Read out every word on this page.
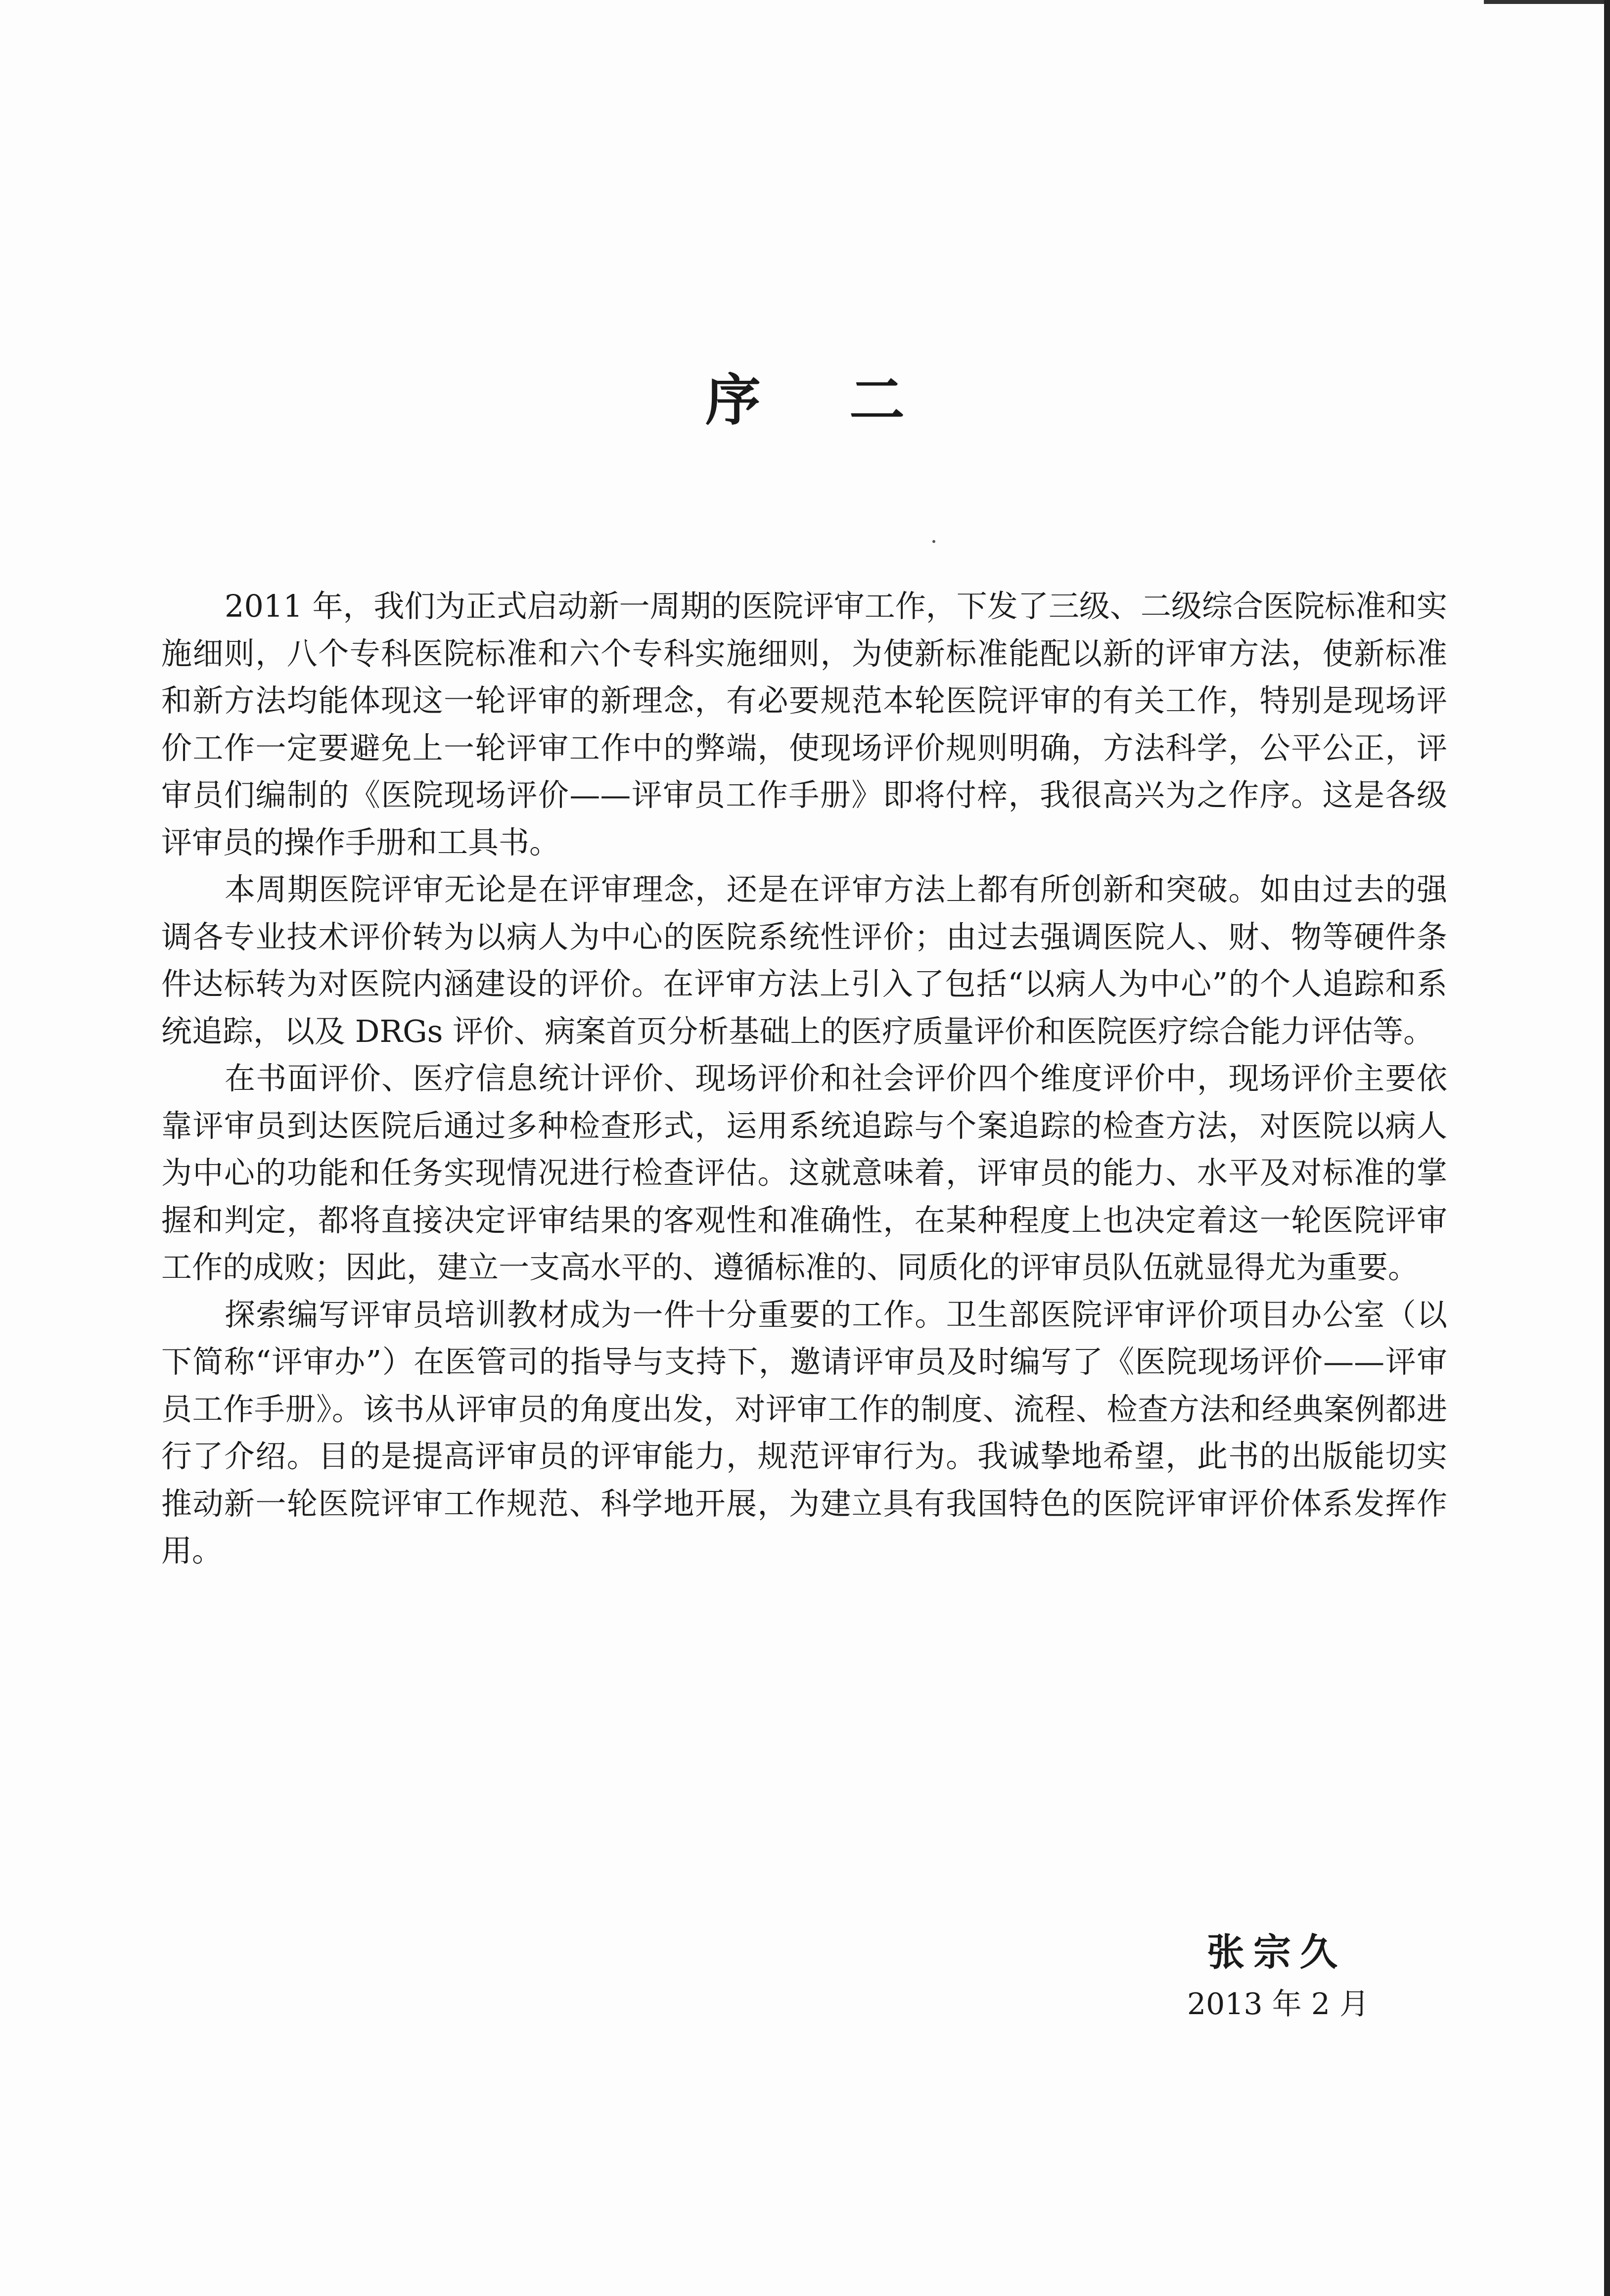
序 二

2011 年，我们为正式启动新一周期的医院评审工作，下发了三级、二级综合医院标准和实施细则，八个专科医院标准和六个专科实施细则，为使新标准能配以新的评审方法，使新标准和新方法均能体现这一轮评审的新理念，有必要规范本轮医院评审的有关工作，特别是现场评价工作一定要避免上一轮评审工作中的弊端，使现场评价规则明确，方法科学，公平公正，评审员们编制的《医院现场评价——评审员工作手册》即将付梓，我很高兴为之作序。这是各级评审员的操作手册和工具书。

本周期医院评审无论是在评审理念，还是在评审方法上都有所创新和突破。如由过去的强调各专业技术评价转为以病人为中心的医院系统性评价；由过去强调医院人、财、物等硬件条件达标转为对医院内涵建设的评价。在评审方法上引入了包括“以病人为中心”的个人追踪和系统追踪，以及 DRGs 评价、病案首页分析基础上的医疗质量评价和医院医疗综合能力评估等。

在书面评价、医疗信息统计评价、现场评价和社会评价四个维度评价中，现场评价主要依靠评审员到达医院后通过多种检查形式，运用系统追踪与个案追踪的检查方法，对医院以病人为中心的功能和任务实现情况进行检查评估。这就意味着，评审员的能力、水平及对标准的掌握和判定，都将直接决定评审结果的客观性和准确性，在某种程度上也决定着这一轮医院评审工作的成败；因此，建立一支高水平的、遵循标准的、同质化的评审员队伍就显得尤为重要。

探索编写评审员培训教材成为一件十分重要的工作。卫生部医院评审评价项目办公室（以下简称“评审办”）在医管司的指导与支持下，邀请评审员及时编写了《医院现场评价——评审员工作手册》。该书从评审员的角度出发，对评审工作的制度、流程、检查方法和经典案例都进行了介绍。目的是提高评审员的评审能力，规范评审行为。我诚挚地希望，此书的出版能切实推动新一轮医院评审工作规范、科学地开展，为建立具有我国特色的医院评审评价体系发挥作用。

张宗久
2013 年 2 月
